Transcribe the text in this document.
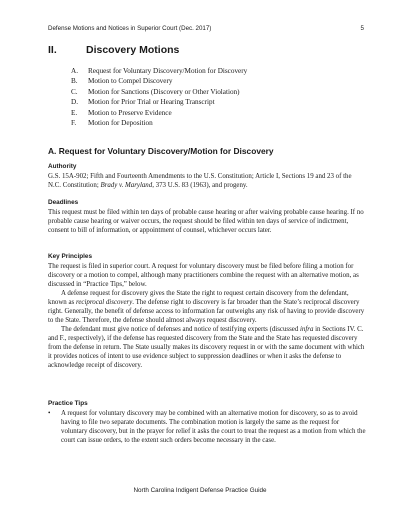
Defense Motions and Notices in Superior Court (Dec. 2017)	5
II.	Discovery Motions
A.	Request for Voluntary Discovery/Motion for Discovery
B.	Motion to Compel Discovery
C.	Motion for Sanctions (Discovery or Other Violation)
D.	Motion for Prior Trial or Hearing Transcript
E.	Motion to Preserve Evidence
F.	Motion for Deposition
A. Request for Voluntary Discovery/Motion for Discovery
Authority

G.S. 15A-902; Fifth and Fourteenth Amendments to the U.S. Constitution; Article I, Sections 19 and 23 of the N.C. Constitution; Brady v. Maryland, 373 U.S. 83 (1963), and progeny.

Deadlines

This request must be filed within ten days of probable cause hearing or after waiving probable cause hearing. If no probable cause hearing or waiver occurs, the request should be filed within ten days of service of indictment, consent to bill of information, or appointment of counsel, whichever occurs later.

Key Principles

The request is filed in superior court. A request for voluntary discovery must be filed before filing a motion for discovery or a motion to compel, although many practitioners combine the request with an alternative motion, as discussed in “Practice Tips,” below.

A defense request for discovery gives the State the right to request certain discovery from the defendant, known as reciprocal discovery. The defense right to discovery is far broader than the State’s reciprocal discovery right. Generally, the benefit of defense access to information far outweighs any risk of having to provide discovery to the State. Therefore, the defense should almost always request discovery.

The defendant must give notice of defenses and notice of testifying experts (discussed infra in Sections IV. C. and F., respectively), if the defense has requested discovery from the State and the State has requested discovery from the defense in return. The State usually makes its discovery request in or with the same document with which it provides notices of intent to use evidence subject to suppression deadlines or when it asks the defense to acknowledge receipt of discovery.

Practice Tips
• A request for voluntary discovery may be combined with an alternative motion for discovery, so as to avoid having to file two separate documents. The combination motion is largely the same as the request for voluntary discovery, but in the prayer for relief it asks the court to treat the request as a motion from which the court can issue orders, to the extent such orders become necessary in the case.
North Carolina Indigent Defense Practice Guide
